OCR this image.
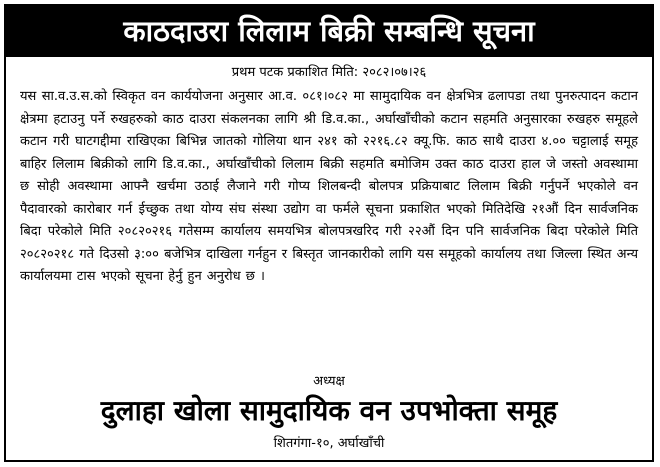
काठदाउरा लिलाम बिक्री सम्बन्धि सूचना
प्रथम पटक प्रकाशित मिति: २०८२।०७।२६
यस सा.व.उ.स.को स्विकृत वन कार्ययोजना अनुसार आ.व. ०८१।०८२ मा सामुदायिक वन क्षेत्रभित्र ढलापडा तथा पुनरुत्पादन कटान क्षेत्रमा हटाउनु पर्ने रुखहरुको काठ दाउरा संकलनका लागि श्री डि.व.का., अर्घाखाँचीको कटान सहमति अनुसारका रुखहरु समूहले कटान गरी घाटगद्दीमा राखिएका बिभिन्न जातको गोलिया थान २४१ को २२१६.८२ क्यू.फि. काठ साथै दाउरा ४.०० चट्टालाई समूह बाहिर लिलाम बिक्रीको लागि डि.व.का., अर्घाखाँचीको लिलाम बिक्री सहमति बमोजिम उक्त काठ दाउरा हाल जे जस्तो अवस्थामा छ सोही अवस्थामा आफ्नै खर्चमा उठाई लैजाने गरी गोप्य शिलबन्दी बोलपत्र प्रक्रियाबाट लिलाम बिक्री गर्नुपर्ने भएकोले वन पैदावारको कारोबार गर्न ईच्छुक तथा योग्य संघ संस्था उद्योग वा फर्मले सूचना प्रकाशित भएको मितिदेखि २१औं दिन सार्वजनिक बिदा परेकोले मिति २०८२०२१६ गतेसम्म कार्यालय समयभित्र बोलपत्रखरिद गरी २२औं दिन पनि सार्वजनिक बिदा परेकोले मिति २०८२०२१८ गते दिउसो ३:०० बजेभित्र दाखिला गर्नहुन र बिस्तृत जानकारीको लागि यस समूहको कार्यालय तथा जिल्ला स्थित अन्य कार्यालयमा टास भएको सूचना हेर्नु हुन अनुरोध छ ।
अध्यक्ष
दुलाहा खोला सामुदायिक वन उपभोक्ता समूह
शितगंगा-१०, अर्घाखाँची
